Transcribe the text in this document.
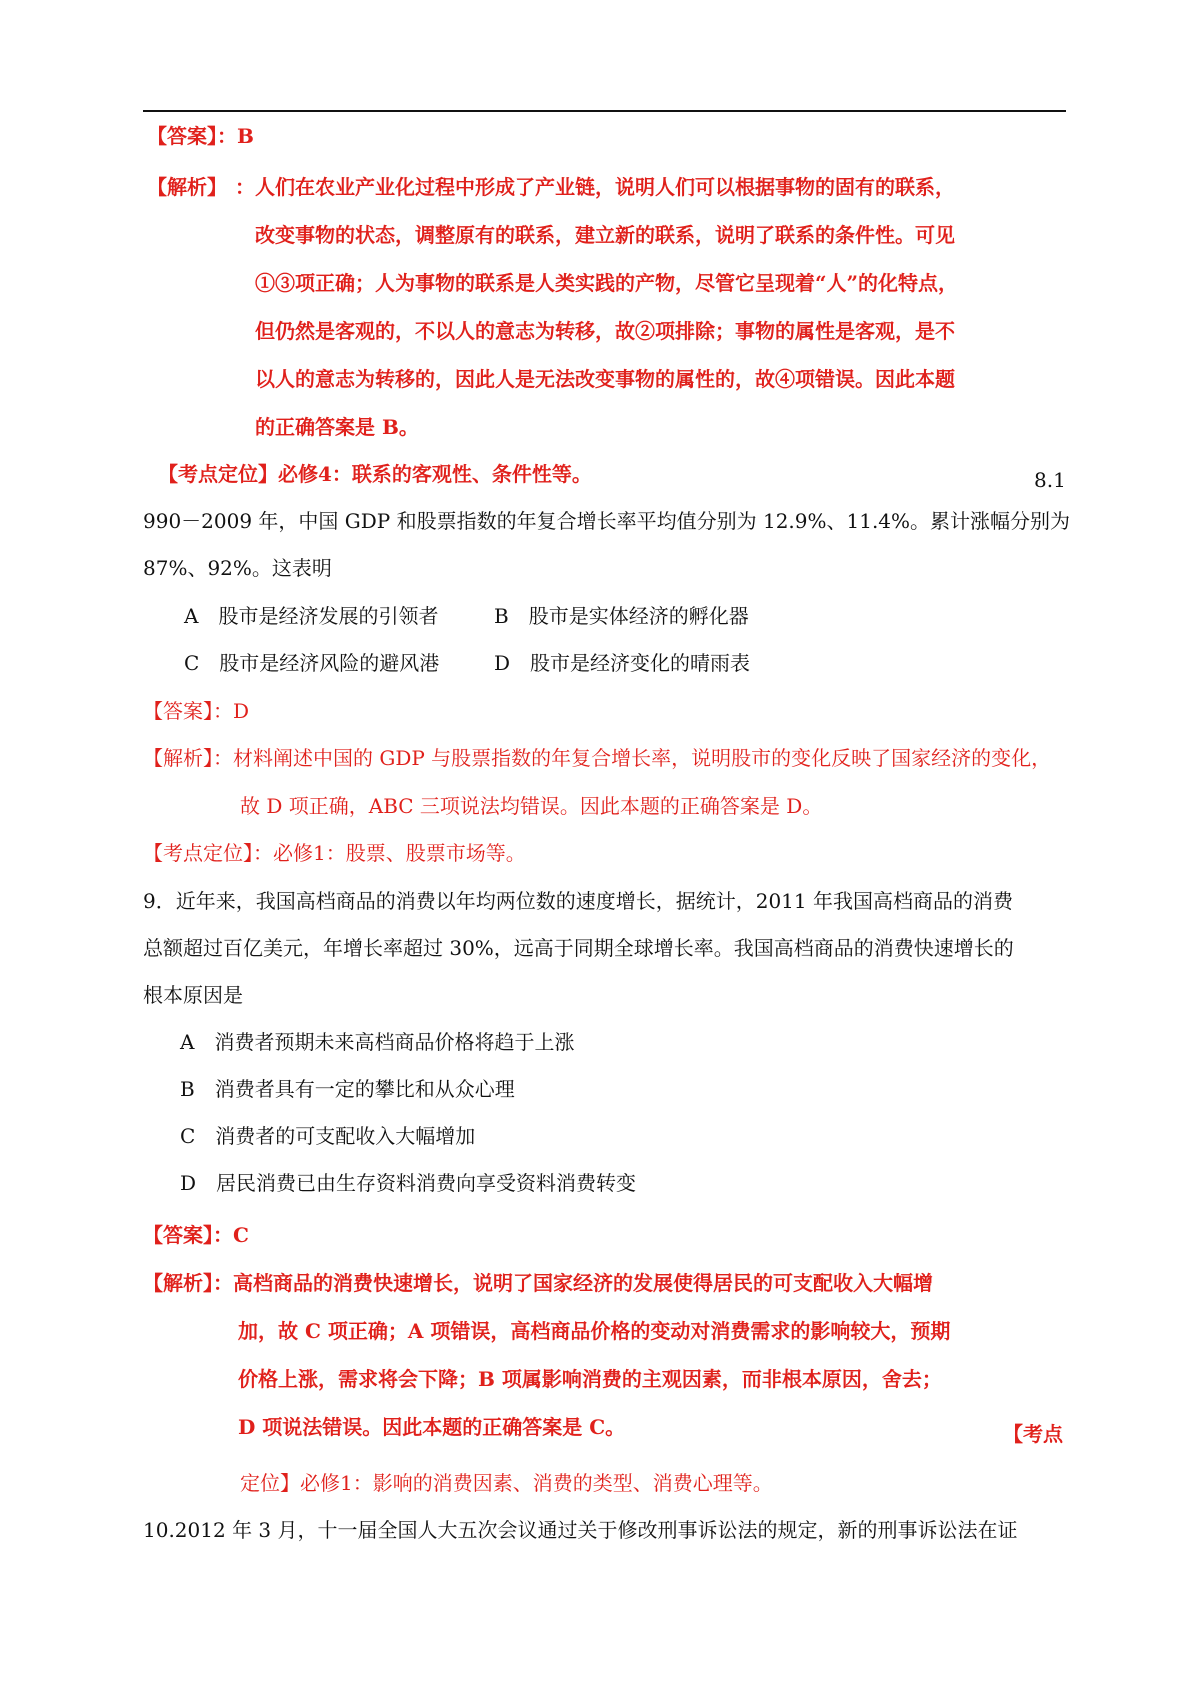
【答案】：B
【解析】 ：人们在农业产业化过程中形成了产业链，说明人们可以根据事物的固有的联系，
改变事物的状态，调整原有的联系，建立新的联系，说明了联系的条件性。可见
①③项正确；人为事物的联系是人类实践的产物，尽管它呈现着“人”的化特点，
但仍然是客观的，不以人的意志为转移，故②项排除；事物的属性是客观，是不
以人的意志为转移的，因此人是无法改变事物的属性的，故④项错误。因此本题
的正确答案是 B。
【考点定位】必修4：联系的客观性、条件性等。	8.1
990－2009 年，中国 GDP 和股票指数的年复合增长率平均值分别为 12.9%、11.4%。累计涨幅分别为
87%、92%。这表明
A　股市是经济发展的引领者	B　股市是实体经济的孵化器
C　股市是经济风险的避风港	D　股市是经济变化的晴雨表
【答案】：D
【解析】：材料阐述中国的 GDP 与股票指数的年复合增长率，说明股市的变化反映了国家经济的变化，
故 D 项正确，ABC 三项说法均错误。因此本题的正确答案是 D。
【考点定位】：必修1：股票、股票市场等。
9．近年来，我国高档商品的消费以年均两位数的速度增长，据统计，2011 年我国高档商品的消费
总额超过百亿美元，年增长率超过 30%，远高于同期全球增长率。我国高档商品的消费快速增长的
根本原因是
A　消费者预期未来高档商品价格将趋于上涨
B　消费者具有一定的攀比和从众心理
C　消费者的可支配收入大幅增加
D　居民消费已由生存资料消费向享受资料消费转变
【答案】：C
【解析】：高档商品的消费快速增长，说明了国家经济的发展使得居民的可支配收入大幅增
加，故 C 项正确；A 项错误，高档商品价格的变动对消费需求的影响较大，预期
价格上涨，需求将会下降；B 项属影响消费的主观因素，而非根本原因，舍去；
D 项说法错误。因此本题的正确答案是 C。	【考点
定位】必修1：影响的消费因素、消费的类型、消费心理等。
10.2012 年 3 月，十一届全国人大五次会议通过关于修改刑事诉讼法的规定，新的刑事诉讼法在证
